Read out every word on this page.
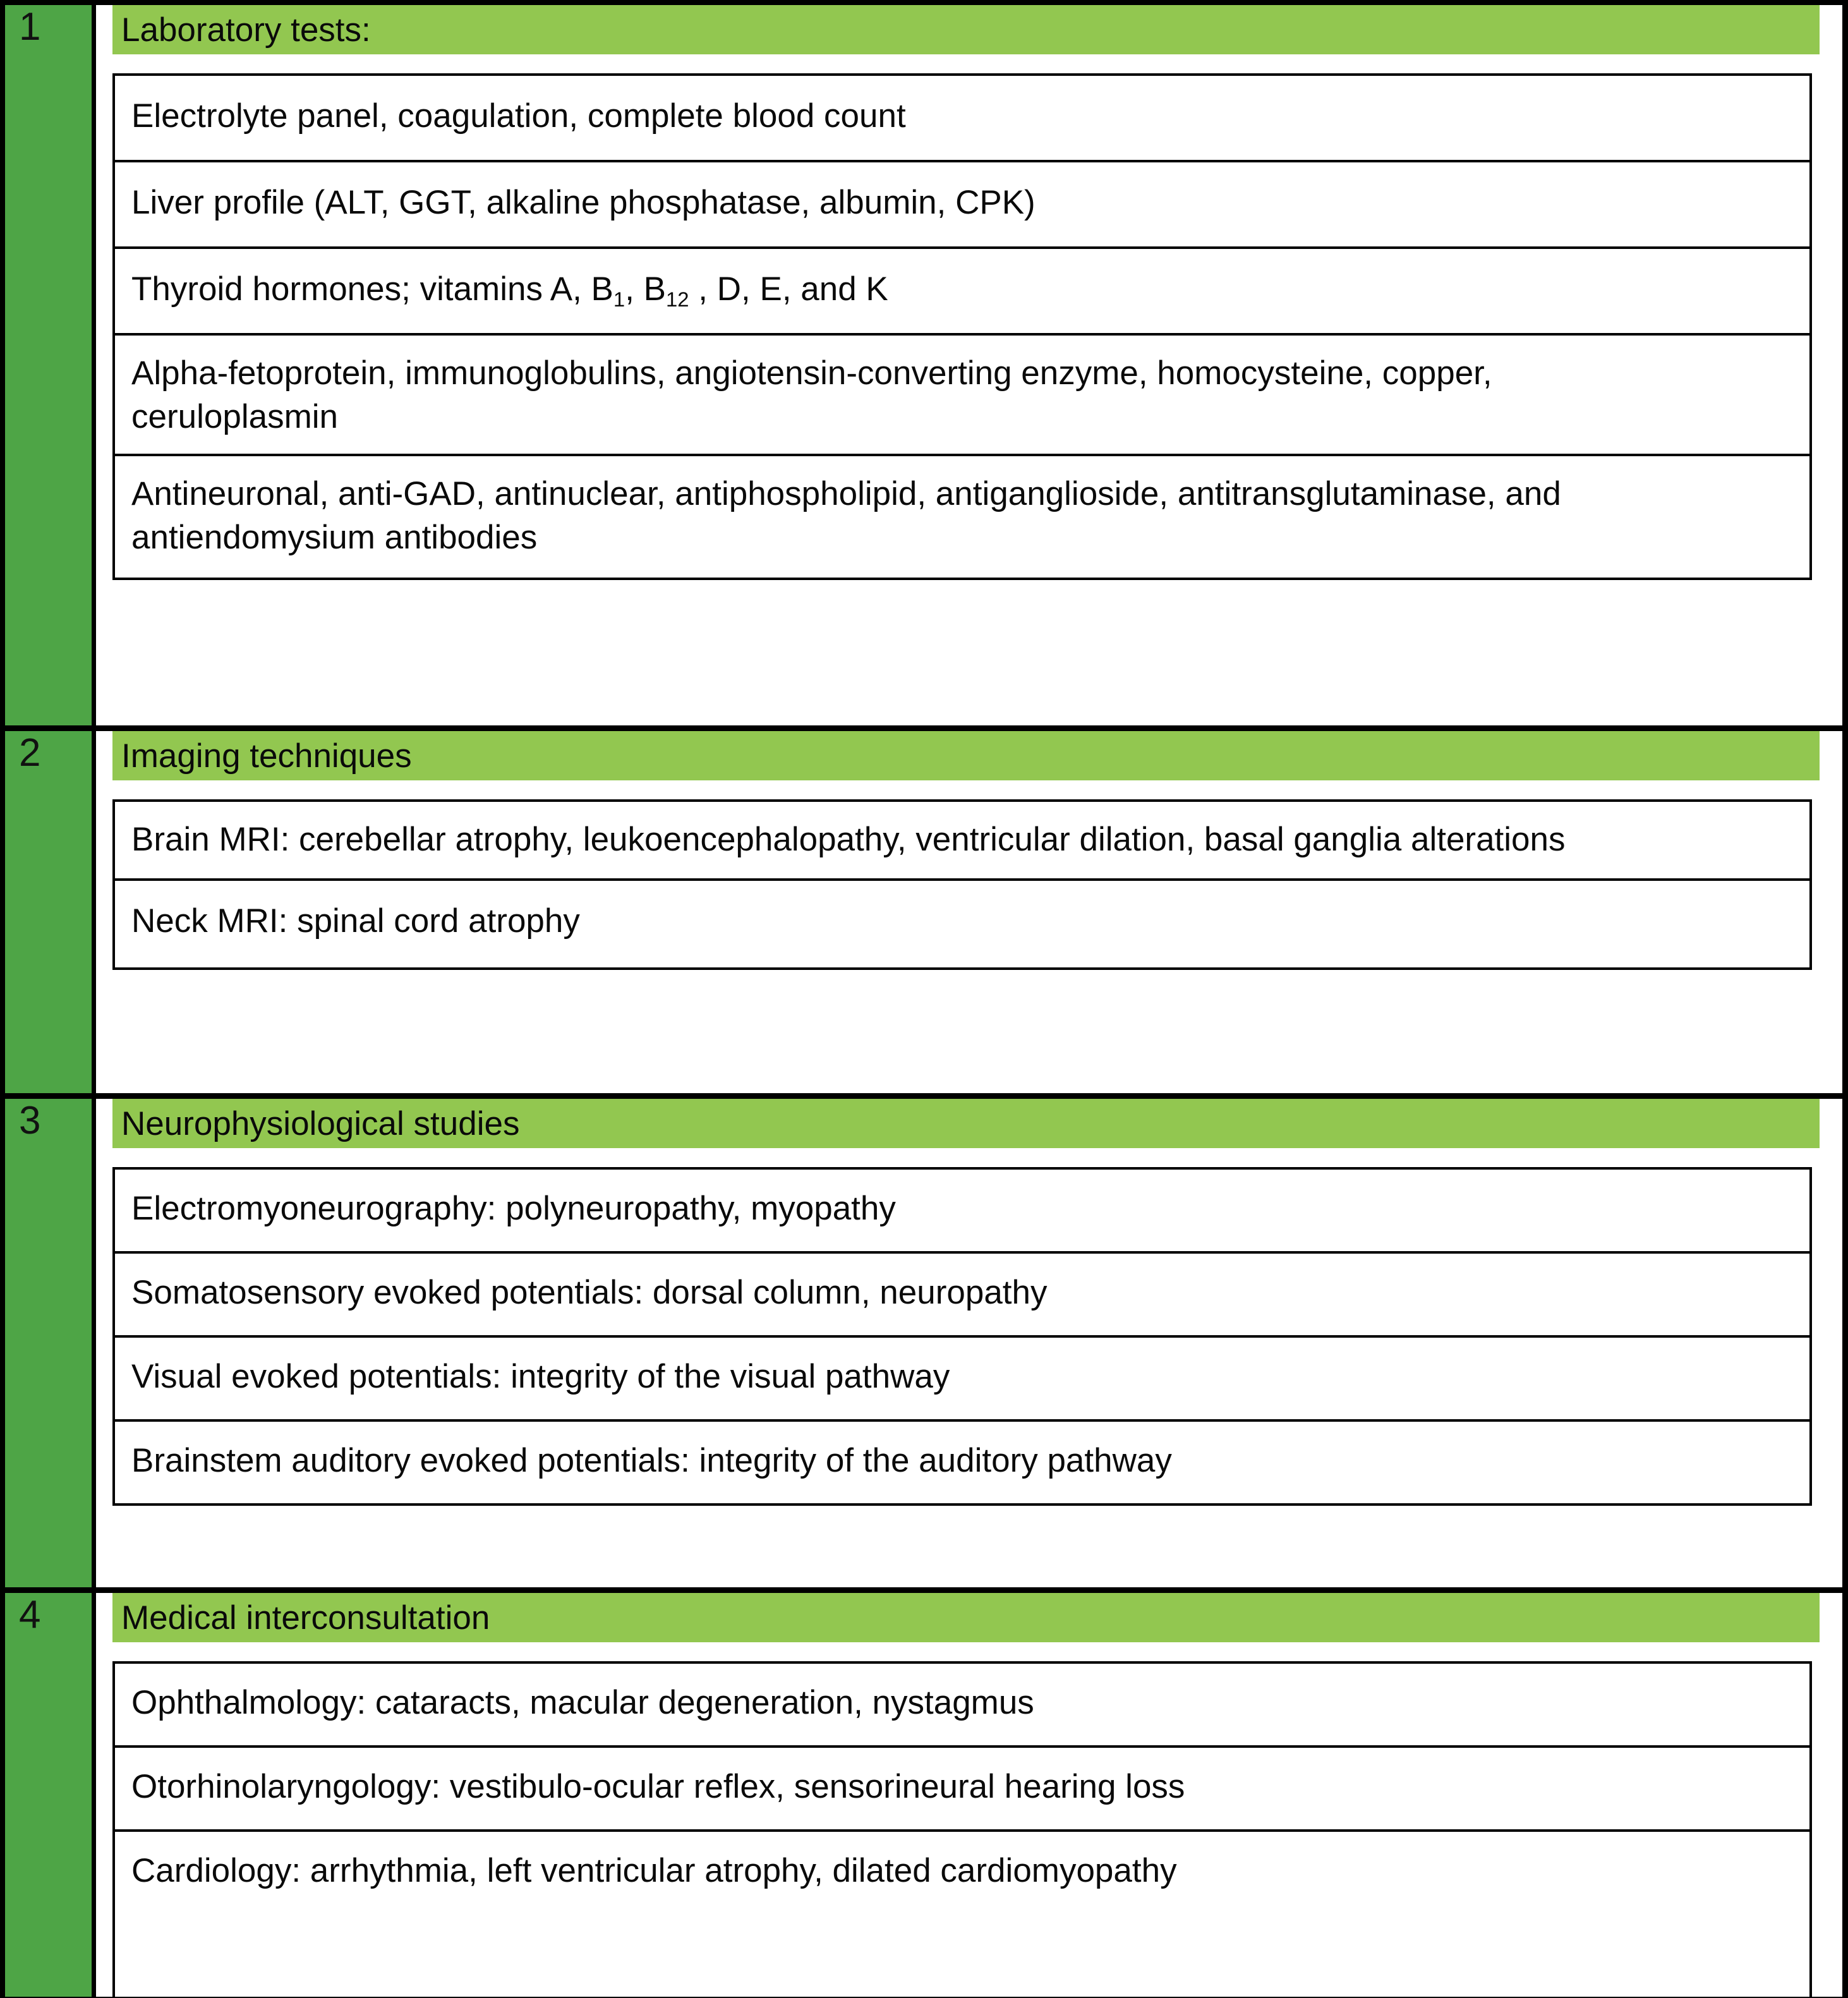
1 Laboratory tests:
Electrolyte panel, coagulation, complete blood count
Liver profile (ALT, GGT, alkaline phosphatase, albumin, CPK)
Thyroid hormones; vitamins A, $B_1$, $B_{12}$ , D, E, and K
Alpha-fetoprotein, immunoglobulins, angiotensin-converting enzyme, homocysteine, copper, ceruloplasmin
Antineuronal, anti-GAD, antinuclear, antiphospholipid, antiganglioside, antitransglutaminase, and antiendomysium antibodies
2 Imaging techniques
Brain MRI: cerebellar atrophy, leukoencephalopathy, ventricular dilation, basal ganglia alterations
Neck MRI: spinal cord atrophy
3 Neurophysiological studies
Electromyoneurography: polyneuropathy, myopathy
Somatosensory evoked potentials: dorsal column, neuropathy
Visual evoked potentials: integrity of the visual pathway
Brainstem auditory evoked potentials: integrity of the auditory pathway
4 Medical interconsultation
Ophthalmology: cataracts, macular degeneration, nystagmus
Otorhinolaryngology: vestibulo-ocular reflex, sensorineural hearing loss
Cardiology: arrhythmia, left ventricular atrophy, dilated cardiomyopathy
